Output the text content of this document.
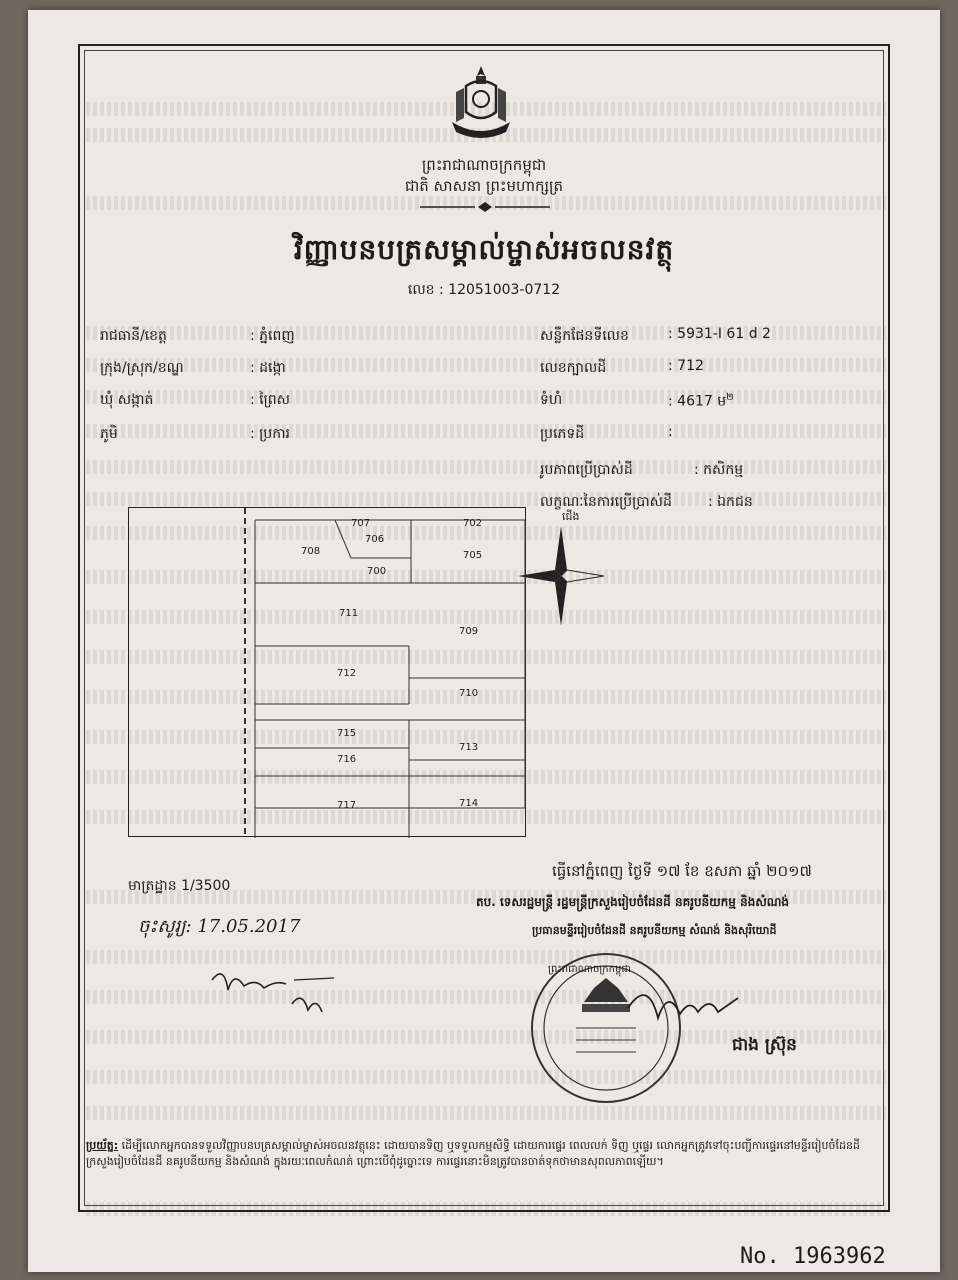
ព្រះរាជាណាចក្រកម្ពុជា
ជាតិ សាសនា ព្រះមហាក្សត្រ
វិញ្ញាបនបត្រសម្គាល់ម្ចាស់អចលនវត្ថុ
លេខ : 12051003-0712
រាជធានី/ខេត្ត	: ភ្នំពេញ
ក្រុង/ស្រុក/ខណ្ឌ	: ដង្កោ
ឃុំ សង្កាត់	: ព្រៃស
ភូមិ	: ប្រការ
សន្លឹកផែនទីលេខ	: 5931-I 61 d 2
លេខក្បាលដី	: 712
ទំហំ	: 4617 ម$^២$
ប្រភេទដី	:
រូបភាពប្រើប្រាស់ដី	: កសិកម្ម
លក្ខណៈនៃការប្រើប្រាស់ដី	: ឯកជន
707
706
702
708	705
700
711
709
712
710
715
713
716
717	714
ជើង
មាត្រដ្ឋាន 1/3500
ចុះសូរ្យ: 17.05.2017
ធ្វើនៅភ្នំពេញ ថ្ងៃទី ១៧ ខែ ឧសភា ឆ្នាំ ២០១៧
តប. ទេសរដ្ឋមន្ត្រី រដ្ឋមន្ត្រីក្រសួងរៀបចំដែនដី នគរូបនីយកម្ម និងសំណង់
ប្រធានមន្ទីររៀបចំដែនដី នគរូបនីយកម្ម សំណង់ និងសុរិយោដី
ព្រះរាជាណាចក្រកម្ពុជា
ជាង ស្រ៊ុន
ប្រយ័ត្ន: ដើម្បីលោកអ្នកបានទទួលវិញ្ញាបនបត្រសម្គាល់ម្ចាស់អចលនវត្ថុនេះ ដោយបានទិញ ឬទទួលកម្មសិទ្ធិ ដោយការផ្ទេរ ពេលលក់ ទិញ ឬផ្ទេរ លោកអ្នកត្រូវទៅចុះបញ្ជីការផ្ទេរនៅមន្ទីររៀបចំដែនដី ក្រសួងរៀបចំដែនដី នគរូបនីយកម្ម និងសំណង់ ក្នុងរយៈពេលកំណត់ ព្រោះបើពុំដូច្នោះទេ ការផ្ទេរនោះមិនត្រូវបានចាត់ទុកថាមានសុពលភាពឡើយ។
No. 1963962
